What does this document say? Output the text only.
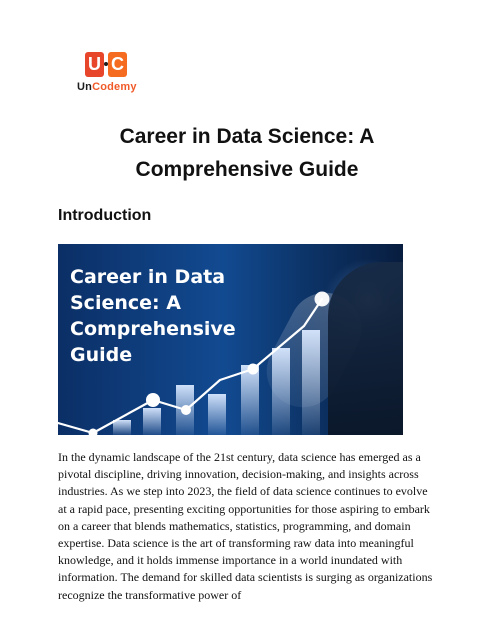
U C
UnCodemy
Career in Data Science: A Comprehensive Guide
Introduction
Career in Data Science: A Comprehensive Guide

In the dynamic landscape of the 21st century, data science has emerged as a pivotal discipline, driving innovation, decision-making, and insights across industries. As we step into 2023, the field of data science continues to evolve at a rapid pace, presenting exciting opportunities for those aspiring to embark on a career that blends mathematics, statistics, programming, and domain expertise. Data science is the art of transforming raw data into meaningful knowledge, and it holds immense importance in a world inundated with information. The demand for skilled data scientists is surging as organizations recognize the transformative power of
